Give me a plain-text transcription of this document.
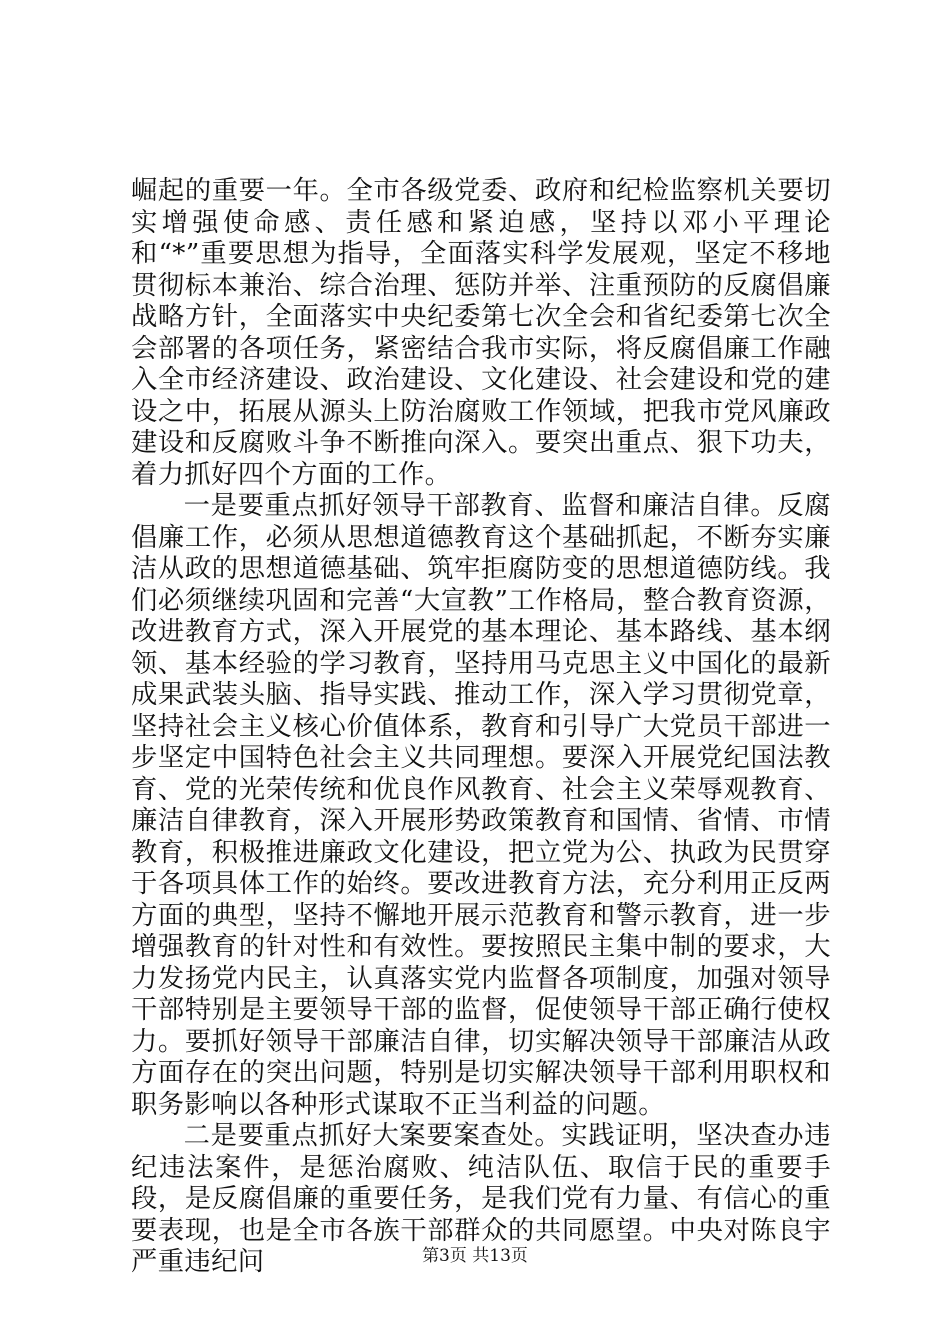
崛起的重要一年。全市各级党委、政府和纪检监察机关要切实增强使命感、责任感和紧迫感，坚持以邓小平理论和“*”重要思想为指导，全面落实科学发展观，坚定不移地贯彻标本兼治、综合治理、惩防并举、注重预防的反腐倡廉战略方针，全面落实中央纪委第七次全会和省纪委第七次全会部署的各项任务，紧密结合我市实际，将反腐倡廉工作融入全市经济建设、政治建设、文化建设、社会建设和党的建设之中，拓展从源头上防治腐败工作领域，把我市党风廉政建设和反腐败斗争不断推向深入。要突出重点、狠下功夫，着力抓好四个方面的工作。

一是要重点抓好领导干部教育、监督和廉洁自律。反腐倡廉工作，必须从思想道德教育这个基础抓起，不断夯实廉洁从政的思想道德基础、筑牢拒腐防变的思想道德防线。我们必须继续巩固和完善“大宣教”工作格局，整合教育资源，改进教育方式，深入开展党的基本理论、基本路线、基本纲领、基本经验的学习教育，坚持用马克思主义中国化的最新成果武装头脑、指导实践、推动工作，深入学习贯彻党章，坚持社会主义核心价值体系，教育和引导广大党员干部进一步坚定中国特色社会主义共同理想。要深入开展党纪国法教育、党的光荣传统和优良作风教育、社会主义荣辱观教育、廉洁自律教育，深入开展形势政策教育和国情、省情、市情教育，积极推进廉政文化建设，把立党为公、执政为民贯穿于各项具体工作的始终。要改进教育方法，充分利用正反两方面的典型，坚持不懈地开展示范教育和警示教育，进一步增强教育的针对性和有效性。要按照民主集中制的要求，大力发扬党内民主，认真落实党内监督各项制度，加强对领导干部特别是主要领导干部的监督，促使领导干部正确行使权力。要抓好领导干部廉洁自律，切实解决领导干部廉洁从政方面存在的突出问题，特别是切实解决领导干部利用职权和职务影响以各种形式谋取不正当利益的问题。

二是要重点抓好大案要案查处。实践证明，坚决查办违纪违法案件，是惩治腐败、纯洁队伍、取信于民的重要手段，是反腐倡廉的重要任务，是我们党有力量、有信心的重要表现，也是全市各族干部群众的共同愿望。中央对陈良宇严重违纪问	第3页 共13页
